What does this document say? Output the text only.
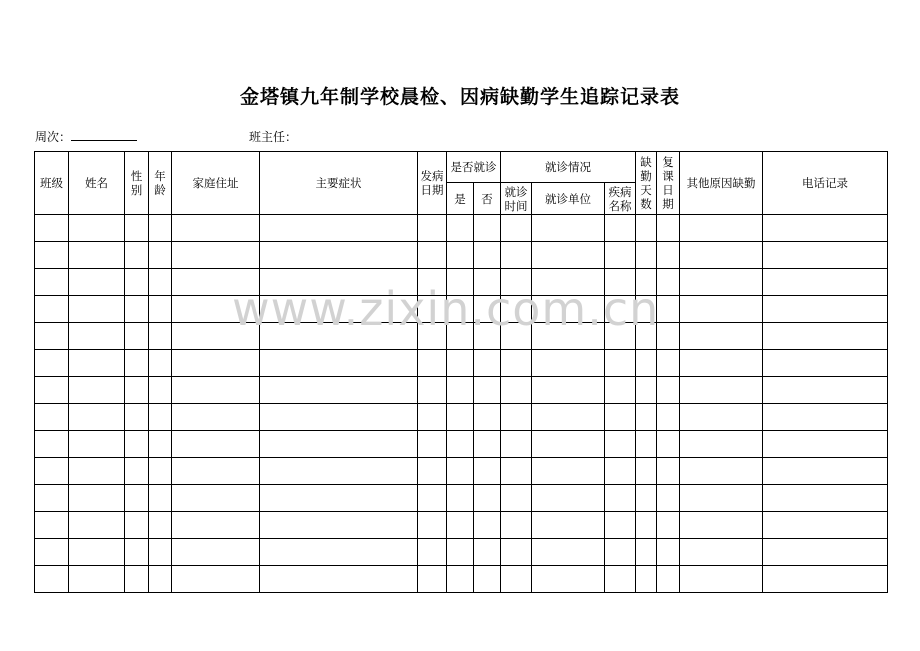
金塔镇九年制学校晨检、因病缺勤学生追踪记录表
周次：	班主任：
班级	姓名	性别	年龄	家庭住址	主要症状	发病日期	是否就诊		就诊情况			缺勤天数	复课日期	其他原因缺勤	电话记录
							是	否	就诊时间	就诊单位	疾病名称				

www.zixin.com.cn
